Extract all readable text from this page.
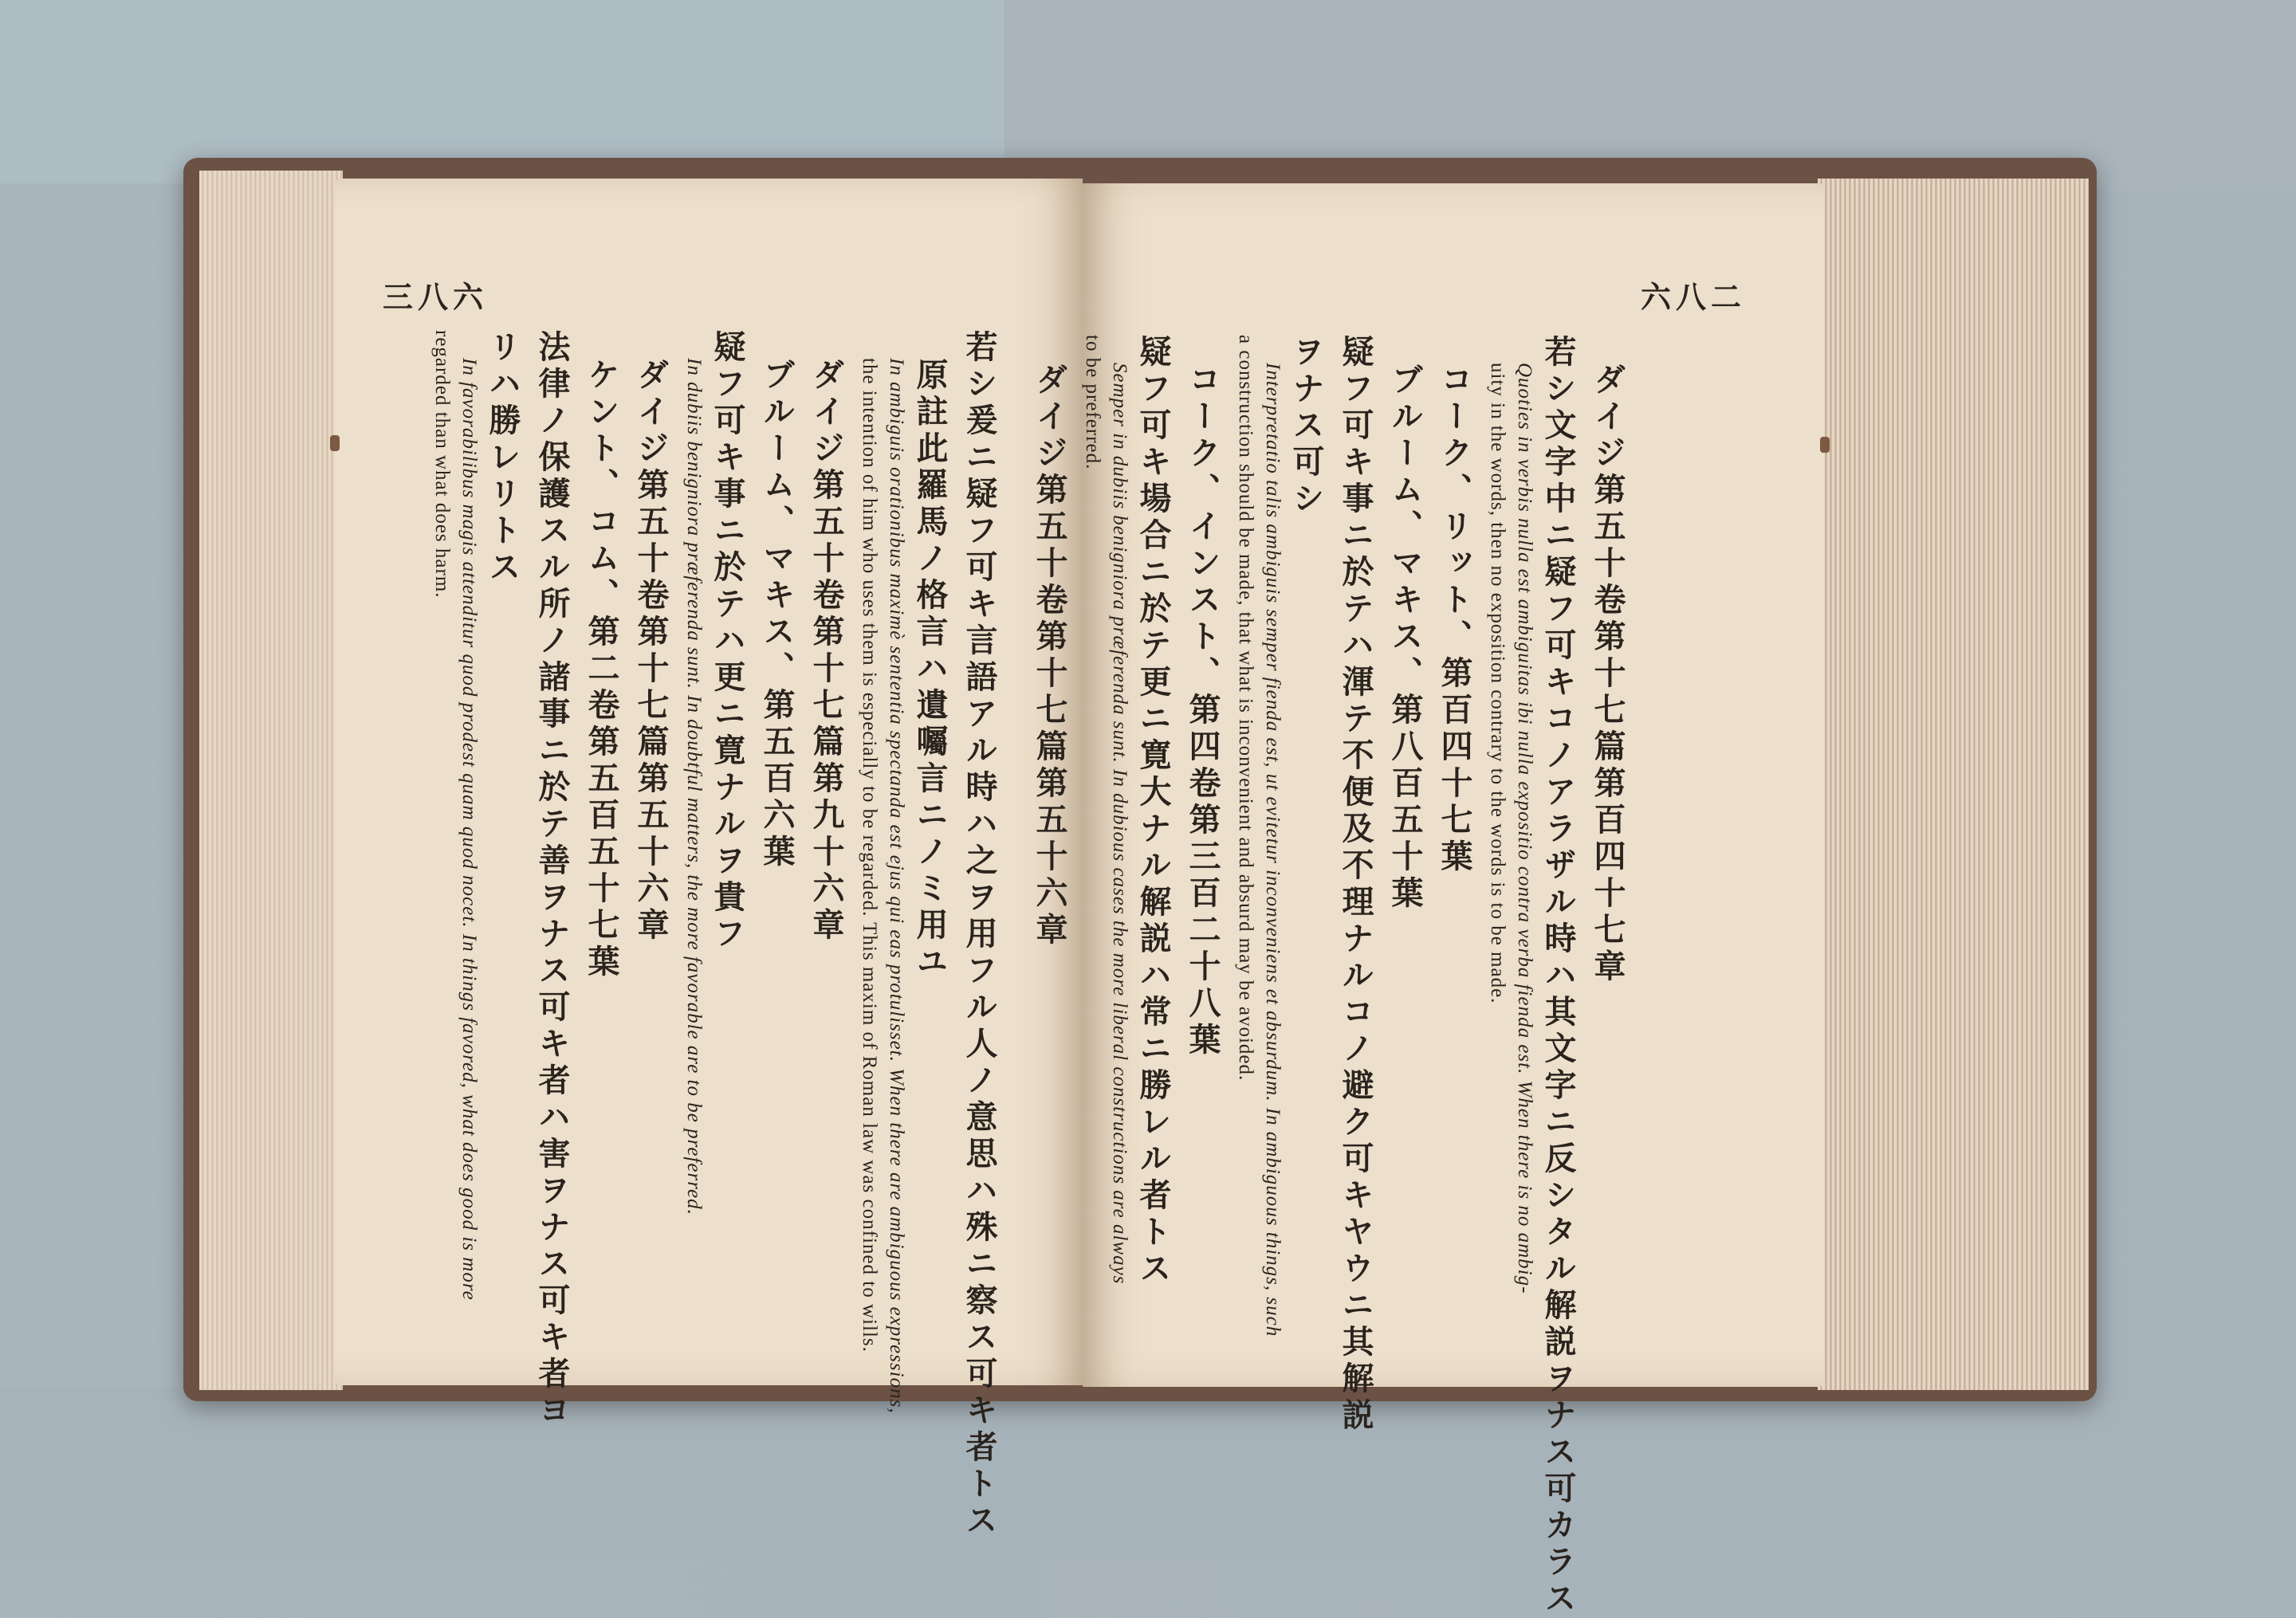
三八六
若シ爰ニ疑フ可キ言語アル時ハ之ヲ用フル人ノ意思ハ殊ニ察ス可キ者トス
原註此羅馬ノ格言ハ遺囑言ニノミ用ユ
In ambiguis orationibus maximè sententia spectanda est ejus qui eas protulisset. When there are ambiguous expressions,
the intention of him who uses them is especially to be regarded. This maxim of Roman law was confined to wills.
ダイジ第五十卷第十七篇第九十六章
ブルーム、マキス、第五百六葉
疑フ可キ事ニ於テハ更ニ寛ナルヲ貴フ
In dubiis benigniora præferenda sunt. In doubtful matters, the more favorable are to be preferred.
ダイジ第五十卷第十七篇第五十六章
ケント、コム、第二卷第五百五十七葉
法律ノ保護スル所ノ諸事ニ於テ善ヲナス可キ者ハ害ヲナス可キ者ヨ
リハ勝レリトス
In favorabilibus magis attenditur quod prodest quam quod nocet. In things favored, what does good is more
regarded than what does harm.
六八二
ダイジ第五十卷第十七篇第百四十七章
若シ文字中ニ疑フ可キコノアラザル時ハ其文字ニ反シタル解説ヲナス可カラス
Quoties in verbis nulla est ambiguitas ibi nulla expositio contra verba fienda est. When there is no ambig-
uity in the words, then no exposition contrary to the words is to be made.
コーク、リット、第百四十七葉
ブルーム、マキス、第八百五十葉
疑フ可キ事ニ於テハ渾テ不便及不理ナルコノ避ク可キヤウニ其解説
ヲナス可シ
Interpretatio talis ambiguis semper fienda est, ut evitetur inconveniens et absurdum. In ambiguous things, such
a construction should be made, that what is inconvenient and absurd may be avoided.
コーク、インスト、第四卷第三百二十八葉
疑フ可キ場合ニ於テ更ニ寛大ナル解説ハ常ニ勝レル者トス
Semper in dubiis benigniora præferenda sunt. In dubious cases the more liberal constructions are always
to be preferred.
ダイジ第五十卷第十七篇第五十六章
